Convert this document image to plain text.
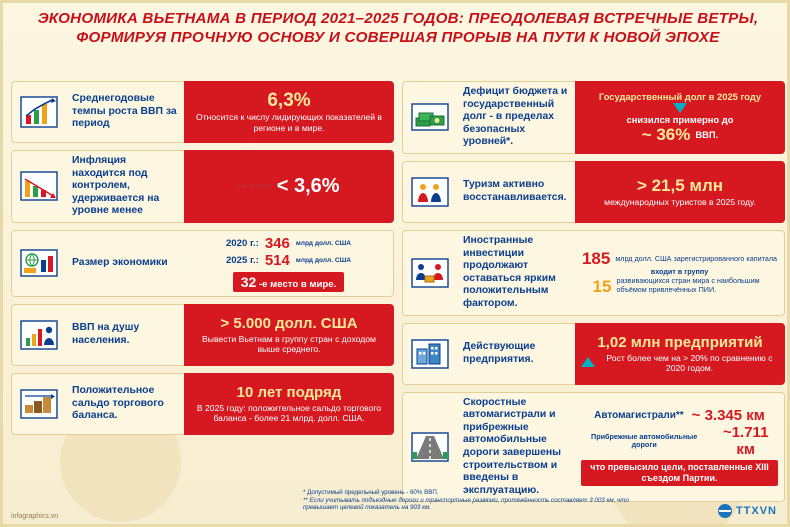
ЭКОНОМИКА ВЬЕТНАМА В ПЕРИОД 2021–2025 ГОДОВ: ПРЕОДОЛЕВАЯ ВСТРЕЧНЫЕ ВЕТРЫ, ФОРМИРУЯ ПРОЧНУЮ ОСНОВУ И СОВЕРШАЯ ПРОРЫВ НА ПУТИ К НОВОЙ ЭПОХЕ
Среднегодовые темпы роста ВВП за период
6,3%
Относится к числу лидирующих показателей в регионе и в мире.
Инфляция находится под контролем, удерживается на уровне менее
на уровне < 3,6%
Размер экономики
2020 г.: 346 млрд долл. США
2025 г.: 514 млрд долл. США
32 -е место в мире.
ВВП на душу населения.
> 5.000 долл. США
Вывести Вьетнам в группу стран с доходом выше среднего.
Положительное сальдо торгового баланса.
10 лет подряд
В 2025 году: положительное сальдо торгового баланса - более 21 млрд. долл. США.
Дефицит бюджета и государственный долг - в пределах безопасных уровней*.
Государственный долг в 2025 году
снизился примерно до
~ 36% ВВП.
Туризм активно восстанавливается.
> 21,5 млн
международных туристов в 2025 году.
Иностранные инвестиции продолжают оставаться ярким положительным фактором.
185 млрд долл. США зарегистрированного капитала
входит в группу
15 развивающихся стран мира с наибольшим объёмом привлечённых ПИИ.
Действующие предприятия.
1,02 млн предприятий
Рост более чем на > 20% по сравнению с 2020 годом.
Скоростные автомагистрали и прибрежные автомобильные дороги завершены строительством и введены в эксплуатацию.
Автомагистрали** ~ 3.345 км
Прибрежные автомобильные дороги
~1.711 км
что превысило цели, поставленные XIII съездом Партии.
* Допустимый предельный уровень - 60% ВВП.
** Если учитывать подъездные дороги и транспортные развязки, протяжённость составляет 3 003 км, что превышает целевой показатель на 903 км.
infographics.vn	TTXVN
